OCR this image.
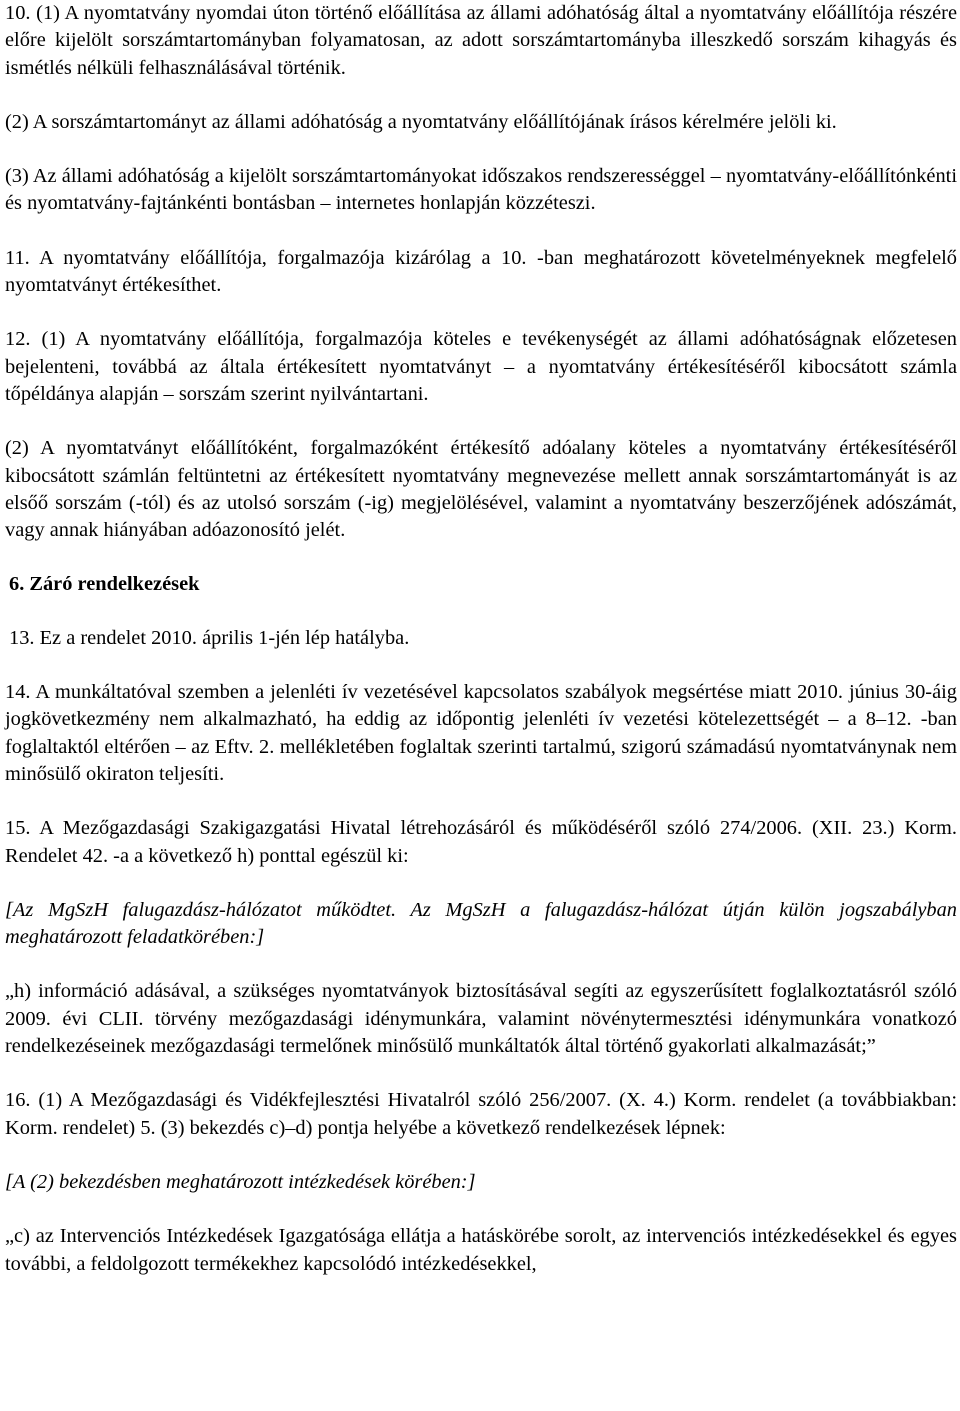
10. (1) A nyomtatvány nyomdai úton történő előállítása az állami adóhatóság által a nyomtatvány előállítója részére előre kijelölt sorszámtartományban folyamatosan, az adott sorszámtartományba illeszkedő sorszám kihagyás és ismétlés nélküli felhasználásával történik.

(2) A sorszámtartományt az állami adóhatóság a nyomtatvány előállítójának írásos kérelmére jelöli ki.

(3) Az állami adóhatóság a kijelölt sorszámtartományokat időszakos rendszerességgel – nyomtatvány-előállítónkénti és nyomtatvány-fajtánkénti bontásban – internetes honlapján közzéteszi.

11. A nyomtatvány előállítója, forgalmazója kizárólag a 10. -ban meghatározott követelményeknek megfelelő nyomtatványt értékesíthet.

12. (1) A nyomtatvány előállítója, forgalmazója köteles e tevékenységét az állami adóhatóságnak előzetesen bejelenteni, továbbá az általa értékesített nyomtatványt – a nyomtatvány értékesítéséről kibocsátott számla tőpéldánya alapján – sorszám szerint nyilvántartani.

(2) A nyomtatványt előállítóként, forgalmazóként értékesítő adóalany köteles a nyomtatvány értékesítéséről kibocsátott számlán feltüntetni az értékesített nyomtatvány megnevezése mellett annak sorszámtartományát is az elsőő sorszám (-tól) és az utolsó sorszám (-ig) megjelölésével, valamint a nyomtatvány beszerzőjének adószámát, vagy annak hiányában adóazonosító jelét.

6. Záró rendelkezések

13. Ez a rendelet 2010. április 1-jén lép hatályba.

14. A munkáltatóval szemben a jelenléti ív vezetésével kapcsolatos szabályok megsértése miatt 2010. június 30-áig jogkövetkezmény nem alkalmazható, ha eddig az időpontig jelenléti ív vezetési kötelezettségét – a 8–12. -ban foglaltaktól eltérően – az Eftv. 2. mellékletében foglaltak szerinti tartalmú, szigorú számadású nyomtatványnak nem minősülő okiraton teljesíti.

15. A Mezőgazdasági Szakigazgatási Hivatal létrehozásáról és működéséről szóló 274/2006. (XII. 23.) Korm. Rendelet 42. -a a következő h) ponttal egészül ki:

[Az MgSzH falugazdász-hálózatot működtet. Az MgSzH a falugazdász-hálózat útján külön jogszabályban meghatározott feladatkörében:]

„h) információ adásával, a szükséges nyomtatványok biztosításával segíti az egyszerűsített foglalkoztatásról szóló 2009. évi CLII. törvény mezőgazdasági idénymunkára, valamint növénytermesztési idénymunkára vonatkozó rendelkezéseinek mezőgazdasági termelőnek minősülő munkáltatók által történő gyakorlati alkalmazását;”

16. (1) A Mezőgazdasági és Vidékfejlesztési Hivatalról szóló 256/2007. (X. 4.) Korm. rendelet (a továbbiakban: Korm. rendelet) 5. (3) bekezdés c)–d) pontja helyébe a következő rendelkezések lépnek:

[A (2) bekezdésben meghatározott intézkedések körében:]

„c) az Intervenciós Intézkedések Igazgatósága ellátja a hatáskörébe sorolt, az intervenciós intézkedésekkel és egyes további, a feldolgozott termékekhez kapcsolódó intézkedésekkel,
